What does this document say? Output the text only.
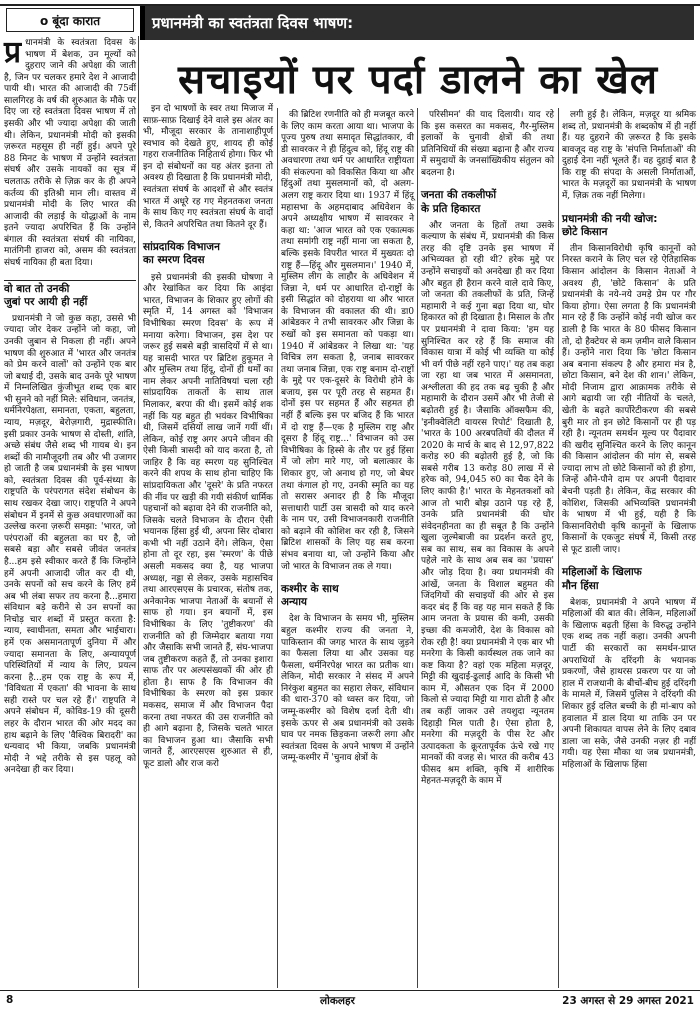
o बूंदा कारात	प्रधानमंत्री का स्वतंत्रता दिवस भाषण:
सचाइयों पर पर्दा डालने का खेल
प्र धानमंत्री के स्वतंत्रता दिवस के भाषण में बेशक, उन मूल्यों को दुहराए जाने की अपेक्षा की जाती है, जिन पर चलकर हमारे देश ने आजादी पायी थी। भारत की आजादी की 75वीं सालगिरह के वर्ष की शुरुआत के मौके पर दिए जा रहे स्वतंत्रता दिवस भाषण में तो इसकी और भी ज्यादा अपेक्षा की जाती थी। लेकिन, प्रधानमंत्री मोदी को इसकी ज़रूरत महसूस ही नहीं हुई। अपने पूरे 88 मिनट के भाषण में उन्होंने स्वतंत्रता संघर्ष और उसके नायकों का सूत्र में चलताऊ तरीके से ज़िक्र कर के ही अपने कर्तव्य की इतिश्री मान ली। वास्तव में प्रधानमंत्री मोदी के लिए भारत की आजादी की लड़ाई के योद्धाओं के नाम इतने ज्यादा अपरिचित हैं कि उन्होंने बंगाल की स्वतंत्रता संघर्ष की नायिका, मातंगिनी हाजरा को, असम की स्वतंत्रता संघर्ष नायिका ही बता दिया।

वो बात तो उनकी
जुबां पर आयी ही नहीं

प्रधानमंत्री ने जो कुछ कहा, उससे भी ज्यादा जोर देकर उन्होंने जो कहा, जो उनकी जुबान से निकला ही नहीं। अपने भाषण की शुरुआत में 'भारत और जनतंत्र को प्रेम करने वालों' को उन्होंने एक बार जो बधाई दी, उसके बाद उनके पूरे भाषण में निम्नलिखित कुंजीभूत शब्द एक बार भी सुनने को नहीं मिले: संविधान, जनतंत्र, धर्मनिरपेक्षता, समानता, एकता, बहुलता, न्याय, मज़दूर, बेरोज़गारी, मुद्रास्फीति। इसी प्रकार उनके भाषण से दोस्ती, शांति, अच्छे संबंध जैसे शब्द भी गायब थे। इन शब्दों की नामौजूदगी तब और भी उजागर हो जाती है जब प्रधानमंत्री के इस भाषण को, स्वतंत्रता दिवस की पूर्व-संध्या के राष्ट्रपति के परंपरागत संदेश संबोधन के साथ रखकर देखा जाए। राष्ट्रपति ने अपने संबोधन में इनमें से कुछ अवधारणाओं का उल्लेख करना ज़रूरी समझा: 'भारत, जो परंपराओं की बहुलता का घर है, जो सबसे बड़ा और सबसे जीवंत जनतंत्र है...हम इसे स्वीकार करते हैं कि जिन्होंने हमें अपनी आजादी जीत कर दी थी, उनके सपनों को सच करने के लिए हमें अब भी लंबा सफर तय करना है...हमारा संविधान बड़े करीने से उन सपनों का निचोड़ चार शब्दों में प्रस्तुत करता है: न्याय, स्वाधीनता, समता और भाईचारा। हमें एक असमानतापूर्ण दुनिया में और ज्यादा समानता के लिए, अन्यायपूर्ण परिस्थितियों में न्याय के लिए, प्रयत्न करना है...हम एक राष्ट्र के रूप में, 'विविधता में एकता' की भावना के साथ सही रास्ते पर चल रहे हैं।' राष्ट्रपति ने अपने संबोधन में, कोविड-19 की दूसरी लहर के दौरान भारत की ओर मदद का हाथ बढ़ाने के लिए 'वैश्विक बिरादरी' का धन्यवाद भी किया, जबकि प्रधानमंत्री मोदी ने भद्दे तरीके से इस पहलू को अनदेखा ही कर दिया।

इन दो भाषणों के स्वर तथा मिजाज में साफ़-साफ़ दिखाई देने वाले इस अंतर का भी, मौजूदा सरकार के तानाशाहीपूर्ण स्वभाव को देखते हुए, शायद ही कोई गहरा राजनीतिक निहितार्थ होगा। फिर भी इन दो संबोधनों का यह अंतर इतना तो अवश्य ही दिखाता है कि प्रधानमंत्री मोदी, स्वतंत्रता संघर्ष के आदर्शों से और स्वतंत्र भारत में अधूरे रह गए मेहनतकश जनता के साथ किए गए स्वतंत्रता संघर्ष के वादों से, कितने अपरिचित तथा कितने दूर हैं।

सांप्रदायिक विभाजन
का स्मरण दिवस

इसे प्रधानमंत्री की इसकी घोषणा ने और रेखांकित कर दिया कि आइंदा भारत, विभाजन के शिकार हुए लोगों की स्मृति में, 14 अगस्त को 'विभाजन विभीषिका स्मरण दिवस' के रूप में मनाया करेगा। विभाजन, इस देश पर जरूर हुई सबसे बड़ी त्रासदियों में से था। यह त्रासदी भारत पर ब्रिटिश हुकूमत ने और मुस्लिम तथा हिंदू, दोनों ही धर्मों का नाम लेकर अपनी नातिविषयां चला रही सांप्रदायिक ताकतों के साथ ताल मिलाकर, बरपा की थी। इसमें कोई शक नहीं कि यह बहुत ही भयंकर विभीषिका थी, जिसमें दसियों लाख जानें गयीं थीं। लेकिन, कोई राष्ट्र अगर अपने जीवन की ऐसी किसी त्रासदी को याद करता है, तो जाहिर है कि वह स्मरण यह सुनिश्चित करने की शपथ के साथ होना चाहिए कि सांप्रदायिकता और 'दूसरे' के प्रति नफरत की नींव पर खड़ी की गयी संकीर्ण धार्मिक पहचानों को बढ़ावा देने की राजनीति को, जिसके चलते विभाजन के दौरान ऐसी भयानक हिंसा हुई थी, अपना सिर दोबारा कभी भी नहीं उठाने देंगे। लेकिन, ऐसा होना तो दूर रहा, इस 'स्मरण' के पीछे असली मकसद क्या है, यह भाजपा अध्यक्ष, नड्डा से लेकर, उसके महासचिव तथा आरएसएस के प्रचारक, संतोष तक, अनेकानेक भाजपा नेताओं के बयानों से साफ हो गया। इन बयानों में, इस विभीषिका के लिए 'तुष्टीकरण' की राजनीति को ही जिम्मेदार बताया गया और जैसाकि सभी जानते हैं, संघ-भाजपा जब तुष्टीकरण कहते हैं, तो उनका इशारा साफ तौर पर अल्पसंख्यकों की ओर ही होता है। साफ है कि विभाजन की विभीषिका के स्मरण को इस प्रकार मकसद, समाज में और विभाजन पैदा करना तथा नफरत की उस राजनीति को ही आगे बढ़ाना है, जिसके चलते भारत का विभाजन हुआ था। जैसाकि सभी जानते हैं, आरएसएस शुरुआत से ही, फूट डालो और राज करो

की ब्रिटिश रणनीति को ही मजबूत करने के लिए काम करता आया था। भाजपा के पूज्य पुरुष तथा समादृत सिद्धांतकार, वी डी सावरकर ने ही हिंदुत्व को, हिंदू राष्ट्र की अवधारणा तथा धर्म पर आधारित राष्ट्रीयता की संकल्पना को विकसित किया था और हिंदुओं तथा मुसलमानों को, दो अलग-अलग राष्ट्र करार दिया था। 1937 में हिंदू महासभा के अहमदाबाद अधिवेशन के अपने अध्यक्षीय भाषण में सावरकर ने कहा था: 'आज भारत को एक एकात्मक तथा समांगी राष्ट्र नहीं माना जा सकता है, बल्कि इसके विपरीत भारत में मुख्यतः दो राष्ट्र हैं—हिंदू और मुसलमान।' 1940 में, मुस्लिम लीग के लाहौर के अधिवेशन में जिन्ना ने, धर्म पर आधारित दो-राष्ट्रों के इसी सिद्धांत को दोहराया था और भारत के विभाजन की वकालत की थी। डा0 आंबेडकर ने तभी सावरकर और जिन्ना के रुखों को इस समानता को पकड़ा था। 1940 में आंबेडकर ने लिखा था: 'यह विचित्र लग सकता है, जनाब सावरकर तथा जनाब जिन्ना, एक राष्ट्र बनाम दो-राष्ट्रों के मुद्दे पर एक-दूसरे के विरोधी होने के बजाय, इस पर पूरी तरह से सहमत हैं। दोनों इस पर सहमत हैं और सहमत ही नहीं हैं बल्कि इस पर बजिद हैं कि भारत में दो राष्ट्र हैं—एक है मुस्लिम राष्ट्र और दूसरा है हिंदू राष्ट्र...' विभाजन को उस विभीषिका के हिस्से के तौर पर हुई हिंसा में जो लोग मारे गए, जो बलात्कार के शिकार हुए, जो अनाथ हो गए, जो बेघर तथा कंगाल हो गए, उनकी स्मृति का यह तो सरासर अनादर ही है कि मौजूदा सत्ताधारी पार्टी उस त्रासदी को याद करने के नाम पर, उसी विभाजनकारी राजनीति को बढ़ाने की कोशिश कर रही है, जिसने ब्रिटिश शासकों के लिए यह सब करना संभव बनाया था, जो उन्होंने किया और जो भारत के विभाजन तक ले गया।

कश्मीर के साथ
अन्याय

देश के विभाजन के समय भी, मुस्लिम बहुल कश्मीर राज्य की जनता ने, पाकिस्तान की जगह भारत के साथ जुड़ने का फैसला लिया था और उसका यह फैसला, धर्मनिरपेक्ष भारत का प्रतीक था। लेकिन, मोदी सरकार ने संसद में अपने निरंकुश बहुमत का सहारा लेकर, संविधान की धारा-370 को ध्वस्त कर दिया, जो जम्मू-कश्मीर को विशेष दर्जा देती थी। इसके ऊपर से अब प्रधानमंत्री को उसके घाव पर नमक छिड़कना जरूरी लगा और स्वतंत्रता दिवस के अपने भाषण में उन्होंने जम्मू-कश्मीर में 'चुनाव क्षेत्रों के

परिसीमन' की याद दिलायी। याद रहे कि इस कसरत का मकसद, गैर-मुस्लिम इलाकों के चुनावी क्षेत्रों की तथा प्रतिनिधियों की संख्या बढ़ाना है और राज्य में समुदायों के जनसांख्यिकीय संतुलन को बदलना है।

जनता की तकलीफों
के प्रति हिकारत

और जनता के हितों तथा उसके कल्याण के संबंध में, प्रधानमंत्री की किस तरह की दृष्टि उनके इस भाषण में अभिव्यक्त हो रही थी? हरेक मुद्दे पर उन्होंने सचाइयों को अनदेखा ही कर दिया और बहुत ही हैरान करने वाले दावे किए, जो जनता की तकलीफों के प्रति, जिन्हें महामारी ने कई गुना बढ़ा दिया था, घोर हिकारत को ही दिखाता है। मिसाल के तौर पर प्रधानमंत्री ने दावा किया: 'हम यह सुनिश्चित कर रहे हैं कि समाज की विकास यात्रा में कोई भी व्यक्ति या कोई भी वर्ग पीछे नहीं रहने पाए।' यह तब कहा जा रहा था जब भारत में असमानता, अश्लीलता की हद तक बढ़ चुकी है और महामारी के दौरान उसमें और भी तेजी से बढ़ोतरी हुई है। जैसाकि ऑक्सफैम की, 'इनीक्वेलिटी वायरस रिपोर्ट' दिखाती है, 'भारत के 100 अरबपतियों की दौलत में 2020 के मार्च के बाद से 12,97,822 करोड़ रु0 की बढ़ोतरी हुई है, जो कि सबसे गरीब 13 करोड़ 80 लाख में से हरेक को, 94,045 रु0 का चैक देने के लिए काफी है।' भारत के मेहनतकशों को आज तो भारी बोझ उठाने पड़ रहे हैं, उनके प्रति प्रधानमंत्री की घोर संवेदनहीनता का ही सबूत है कि उन्होंने खुला जुल्मेबाजी का प्रदर्शन करते हुए, सब का साथ, सब का विकास के अपने पहेले नारे के साथ अब सब का 'प्रयास' और जोड़ दिया है। क्या प्रधानमंत्री की आंखें, जनता के विशाल बहुमत की जिंदगियों की सचाइयों की ओर से इस कदर बंद हैं कि वह यह मान सकते हैं कि आम जनता के प्रयास की कमी, उसकी इच्छा की कमजोरी, देश के विकास को रोक रही है! क्या प्रधानमंत्री ने एक बार भी मनरेगा के किसी कार्यस्थल तक जाने का कष्ट किया है? वहां एक महिला मज़दूर, मिट्टी की खुदाई-ढुलाई आदि के किसी भी काम में, औसतन एक दिन में 2000 किलो से ज्यादा मिट्टी या गारा ढोती है और तब कहीं जाकर उसे तयशुदा न्यूनतम दिहाड़ी मिल पाती है। ऐसा होता है, मनरेगा की मज़दूरी के पीस रेट और उत्पादकता के क्रूरतापूर्वक ऊंचे रखे गए मानकों की वजह से। भारत की करीब 43 फीसद श्रम शक्ति, कृषि में शारीरिक मेहनत-मज़दूरी के काम में

लगी हुई है। लेकिन, मज़दूर या श्रमिक शब्द तो, प्रधानमंत्री के शब्दकोष में ही नहीं हैं। यह दुहराने की ज़रूरत है कि इसके बावजूद वह राष्ट्र के 'संपत्ति निर्माताओं' की दुहाई देना नहीं भूलते हैं। वह दुहाई बात है कि राष्ट्र की संपदा के असली निर्माताओं, भारत के मज़दूरों का प्रधानमंत्री के भाषण में, ज़िक्र तक नहीं मिलेगा।

प्रधानमंत्री की नयी खोज:
छोटे किसान

तीन किसानविरोधी कृषि कानूनों को निरस्त कराने के लिए चल रहे ऐतिहासिक किसान आंदोलन के किसान नेताओं ने अवश्य ही, 'छोटे किसान' के प्रति प्रधानमंत्री के नये-नये उमड़े प्रेम पर गौर किया होगा। ऐसा लगता है कि प्रधानमंत्री मान रहे हैं कि उन्होंने कोई नयी खोज कर डाली है कि भारत के 80 फीसद किसान तो, दो हैक्टेयर से कम ज़मीन वाले किसान हैं। उन्होंने नारा दिया कि 'छोटा किसान अब बनाना संकल्प है और हमारा मंत्र है, छोटा किसान, बने देश की शान।' लेकिन, मोदी निजाम द्वारा आक्रामक तरीके से आगे बढ़ायी जा रही नीतियों के चलते, खेती के बढ़ते कार्पोरेटीकरण की सबसे बुरी मार तो इन छोटे किसानों पर ही पड़ रही है। न्यूनतम समर्थन मूल्य पर पैदावार की खरीद सुनिश्चित करने के लिए कानून की किसान आंदोलन की मांग से, सबसे ज्यादा लाभ तो छोटे किसानों को ही होगा, जिन्हें औने-पौने दाम पर अपनी पैदावार बेचनी पड़ती है। लेकिन, केंद्र सरकार की कोशिश, जिसकी अभिव्यक्ति प्रधानमंत्री के भाषण में भी हुई, यही है कि किसानविरोधी कृषि कानूनों के खिलाफ किसानों के एकजुट संघर्ष में, किसी तरह से फूट डाली जाए।

महिलाओं के खिलाफ
मौन हिंसा

बेशक, प्रधानमंत्री ने अपने भाषण में महिलाओं की बात की। लेकिन, महिलाओं के खिलाफ बढ़ती हिंसा के विरुद्ध उन्होंने एक शब्द तक नहीं कहा। उनकी अपनी पार्टी की सरकारों का समर्थन-प्राप्त अपराधियों के दरिंदगी के भयानक प्रकरणों, जैसे हाथरस प्रकरण पर या जो हाल में राजधानी के बीचों-बीच हुई दरिंदगी के मामले में, जिसमें पुलिस ने दरिंदगी की शिकार हुई दलित बच्ची के ही मां-बाप को हवालात में डाल दिया था ताकि उन पर अपनी शिकायत वापस लेने के लिए दबाव डाला जा सके, जैसे उनकी नज़र ही नहीं गयी। यह ऐसा मौका था जब प्रधानमंत्री, महिलाओं के खिलाफ हिंसा

8	लोकलहर	23 अगस्त से 29 अगस्त 2021
